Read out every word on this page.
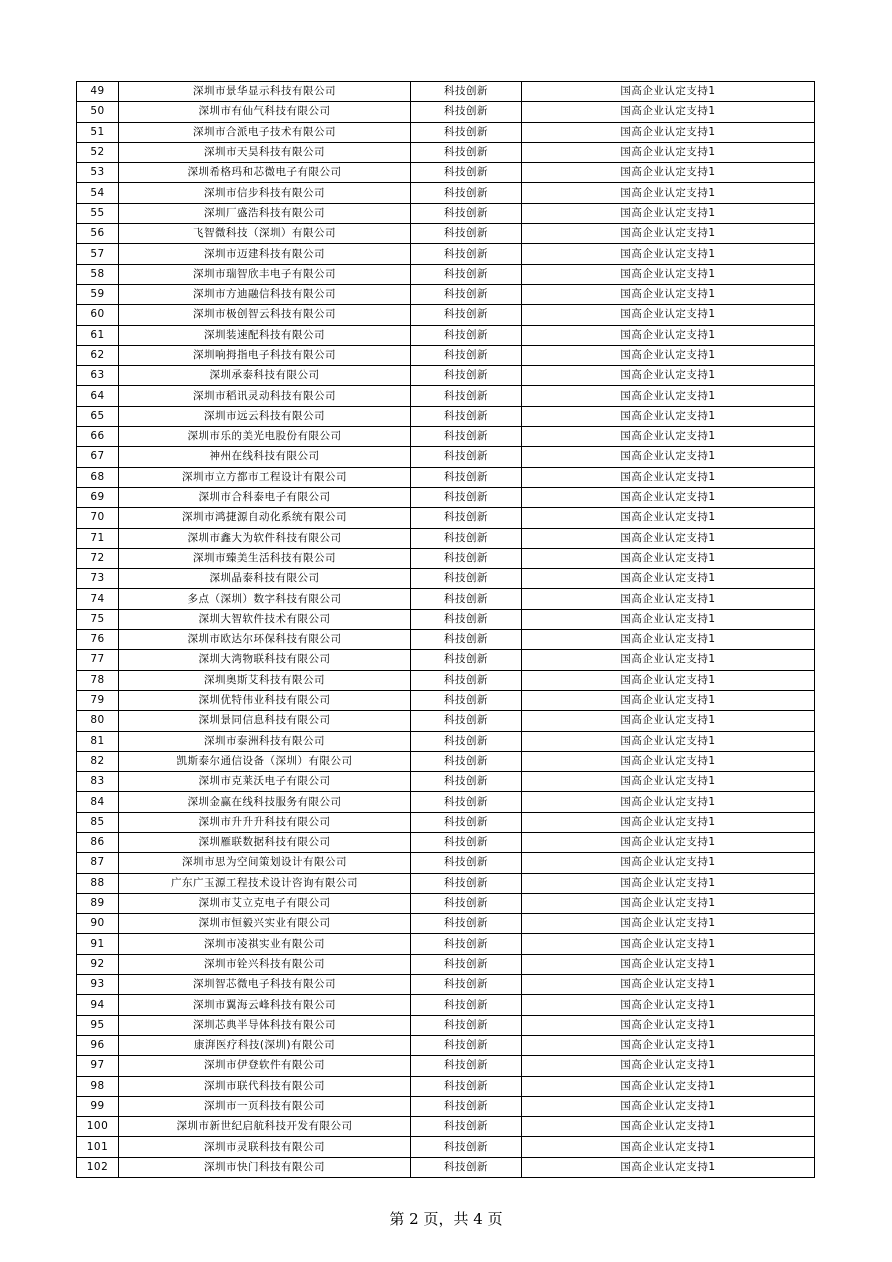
49	深圳市景华显示科技有限公司	科技创新	国高企业认定支持1
50	深圳市有仙气科技有限公司	科技创新	国高企业认定支持1
51	深圳市合派电子技术有限公司	科技创新	国高企业认定支持1
52	深圳市天昊科技有限公司	科技创新	国高企业认定支持1
53	深圳希格玛和芯微电子有限公司	科技创新	国高企业认定支持1
54	深圳市信步科技有限公司	科技创新	国高企业认定支持1
55	深圳厂盛浩科技有限公司	科技创新	国高企业认定支持1
56	飞智微科技（深圳）有限公司	科技创新	国高企业认定支持1
57	深圳市迈建科技有限公司	科技创新	国高企业认定支持1
58	深圳市瑞智欣丰电子有限公司	科技创新	国高企业认定支持1
59	深圳市方迪融信科技有限公司	科技创新	国高企业认定支持1
60	深圳市极创智云科技有限公司	科技创新	国高企业认定支持1
61	深圳装速配科技有限公司	科技创新	国高企业认定支持1
62	深圳响拇指电子科技有限公司	科技创新	国高企业认定支持1
63	深圳承泰科技有限公司	科技创新	国高企业认定支持1
64	深圳市稻讯灵动科技有限公司	科技创新	国高企业认定支持1
65	深圳市远云科技有限公司	科技创新	国高企业认定支持1
66	深圳市乐的美光电股份有限公司	科技创新	国高企业认定支持1
67	神州在线科技有限公司	科技创新	国高企业认定支持1
68	深圳市立方都市工程设计有限公司	科技创新	国高企业认定支持1
69	深圳市合科泰电子有限公司	科技创新	国高企业认定支持1
70	深圳市鸿捷源自动化系统有限公司	科技创新	国高企业认定支持1
71	深圳市鑫大为软件科技有限公司	科技创新	国高企业认定支持1
72	深圳市臻美生活科技有限公司	科技创新	国高企业认定支持1
73	深圳晶泰科技有限公司	科技创新	国高企业认定支持1
74	多点（深圳）数字科技有限公司	科技创新	国高企业认定支持1
75	深圳大智软件技术有限公司	科技创新	国高企业认定支持1
76	深圳市欧达尔环保科技有限公司	科技创新	国高企业认定支持1
77	深圳大湾物联科技有限公司	科技创新	国高企业认定支持1
78	深圳奥斯艾科技有限公司	科技创新	国高企业认定支持1
79	深圳优特伟业科技有限公司	科技创新	国高企业认定支持1
80	深圳景同信息科技有限公司	科技创新	国高企业认定支持1
81	深圳市泰洲科技有限公司	科技创新	国高企业认定支持1
82	凯斯泰尔通信设备（深圳）有限公司	科技创新	国高企业认定支持1
83	深圳市克莱沃电子有限公司	科技创新	国高企业认定支持1
84	深圳金赢在线科技服务有限公司	科技创新	国高企业认定支持1
85	深圳市升升升科技有限公司	科技创新	国高企业认定支持1
86	深圳雁联数据科技有限公司	科技创新	国高企业认定支持1
87	深圳市思为空间策划设计有限公司	科技创新	国高企业认定支持1
88	广东广玉源工程技术设计咨询有限公司	科技创新	国高企业认定支持1
89	深圳市艾立克电子有限公司	科技创新	国高企业认定支持1
90	深圳市恒毅兴实业有限公司	科技创新	国高企业认定支持1
91	深圳市凌祺实业有限公司	科技创新	国高企业认定支持1
92	深圳市铨兴科技有限公司	科技创新	国高企业认定支持1
93	深圳智芯微电子科技有限公司	科技创新	国高企业认定支持1
94	深圳市翼海云峰科技有限公司	科技创新	国高企业认定支持1
95	深圳芯典半导体科技有限公司	科技创新	国高企业认定支持1
96	康湃医疗科技(深圳)有限公司	科技创新	国高企业认定支持1
97	深圳市伊登软件有限公司	科技创新	国高企业认定支持1
98	深圳市联代科技有限公司	科技创新	国高企业认定支持1
99	深圳市一页科技有限公司	科技创新	国高企业认定支持1
100	深圳市新世纪启航科技开发有限公司	科技创新	国高企业认定支持1
101	深圳市灵联科技有限公司	科技创新	国高企业认定支持1
102	深圳市快门科技有限公司	科技创新	国高企业认定支持1
第 2 页，共 4 页
